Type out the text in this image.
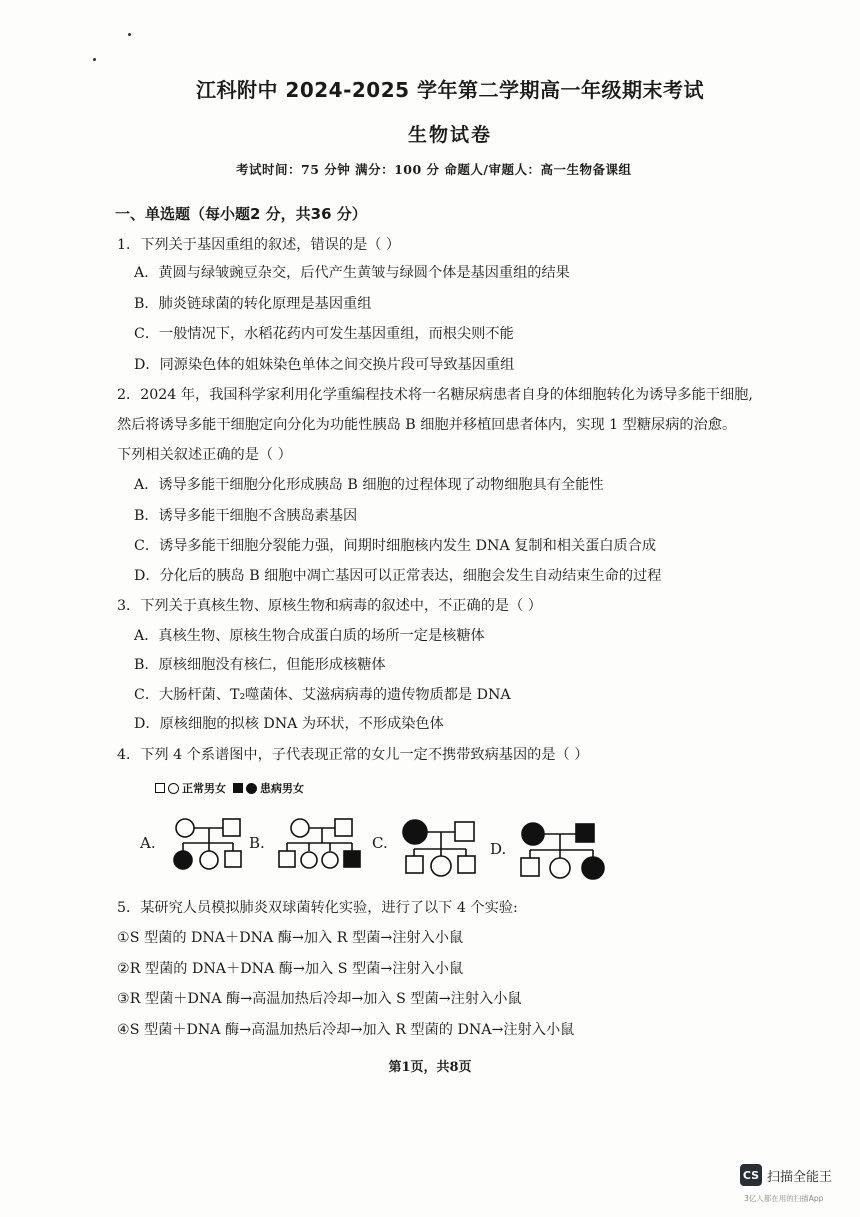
江科附中 2024-2025 学年第二学期高一年级期末考试
生物试卷
考试时间：75 分钟 满分：100 分 命题人/审题人：高一生物备课组
一、单选题（每小题2 分，共36 分）
1．下列关于基因重组的叙述，错误的是（ ）
A．黄圆与绿皱豌豆杂交，后代产生黄皱与绿圆个体是基因重组的结果
B．肺炎链球菌的转化原理是基因重组
C．一般情况下，水稻花药内可发生基因重组，而根尖则不能
D．同源染色体的姐妹染色单体之间交换片段可导致基因重组
2．2024 年，我国科学家利用化学重编程技术将一名糖尿病患者自身的体细胞转化为诱导多能干细胞,
然后将诱导多能干细胞定向分化为功能性胰岛 B 细胞并移植回患者体内，实现 1 型糖尿病的治愈。
下列相关叙述正确的是（ ）
A．诱导多能干细胞分化形成胰岛 B 细胞的过程体现了动物细胞具有全能性
B．诱导多能干细胞不含胰岛素基因
C．诱导多能干细胞分裂能力强，间期时细胞核内发生 DNA 复制和相关蛋白质合成
D．分化后的胰岛 B 细胞中凋亡基因可以正常表达，细胞会发生自动结束生命的过程
3．下列关于真核生物、原核生物和病毒的叙述中，不正确的是（ ）
A．真核生物、原核生物合成蛋白质的场所一定是核糖体
B．原核细胞没有核仁，但能形成核糖体
C．大肠杆菌、T₂噬菌体、艾滋病病毒的遗传物质都是 DNA
D．原核细胞的拟核 DNA 为环状，不形成染色体
4．下列 4 个系谱图中，子代表现正常的女儿一定不携带致病基因的是（ ）
正常男女	患病男女
A.	B.	C.	D.
5．某研究人员模拟肺炎双球菌转化实验，进行了以下 4 个实验:
①S 型菌的 DNA＋DNA 酶→加入 R 型菌→注射入小鼠
②R 型菌的 DNA＋DNA 酶→加入 S 型菌→注射入小鼠
③R 型菌＋DNA 酶→高温加热后冷却→加入 S 型菌→注射入小鼠
④S 型菌＋DNA 酶→高温加热后冷却→加入 R 型菌的 DNA→注射入小鼠
第1页，共8页
CS 扫描全能王
3亿人都在用的扫描App
